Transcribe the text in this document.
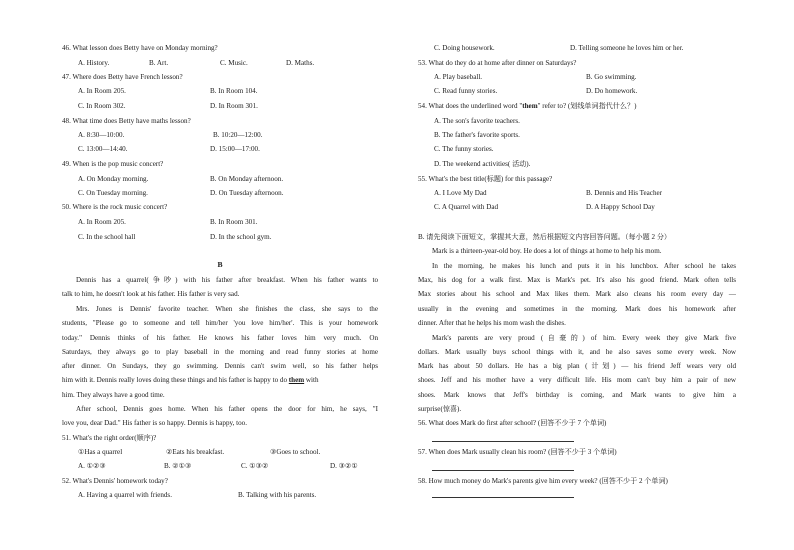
46. What lesson does Betty have on Monday morning?
A. History.	B. Art.	C. Music.	D. Maths.
47. Where does Betty have French lesson?
A. In Room 205.	B. In Room 104.
C. In Room 302.	D. In Room 301.
48. What time does Betty have maths lesson?
A. 8:30—10:00.	B. 10:20—12:00.
C. 13:00—14:40.	D. 15:00—17:00.
49. When is the pop music concert?
A. On Monday morning.	B. On Monday afternoon.
C. On Tuesday morning.	D. On Tuesday afternoon.
50. Where is the rock music concert?
A. In Room 205.	B. In Room 301.
C. In the school hall	D. In the school gym.
B
Dennis has a quarrel(争吵) with his father after breakfast. When his father wants to
talk to him, he doesn't look at his father. His father is very sad.
Mrs. Jones is Dennis' favorite teacher. When she finishes the class, she says to the
students, "Please go to someone and tell him/her 'you love him/her'. This is your homework
today." Dennis thinks of his father. He knows his father loves him very much. On
Saturdays, they always go to play baseball in the morning and read funny stories at home
after dinner. On Sundays, they go swimming. Dennis can't swim well, so his father helps
him with it. Dennis really loves doing these things and his father is happy to do them with
him. They always have a good time.
After school, Dennis goes home. When his father opens the door for him, he says, "I
love you, dear Dad." His father is so happy. Dennis is happy, too.
51. What's the right order(顺序)?
①Has a quarrel	②Eats his breakfast.	③Goes to school.
A. ①②③	B. ②①③	C. ①③②	D. ③②①
52. What's Dennis' homework today?
A. Having a quarrel with friends.	B. Talking with his parents.
C. Doing housework.	D. Telling someone he loves him or her.
53. What do they do at home after dinner on Saturdays?
A. Play baseball.	B. Go swimming.
C. Read funny stories.	D. Do homework.
54. What does the underlined word "them" refer to? (划线单词指代什么？)
A. The son's favorite teachers.
B. The father's favorite sports.
C. The funny stories.
D. The weekend activities( 活动).
55. What's the best title(标题) for this passage?
A. I Love My Dad	B. Dennis and His Teacher
C. A Quarrel with Dad	D. A Happy School Day
B. 请先阅读下面短文，掌握其大意，然后根据短文内容回答问题。（每小题 2 分）
Mark is a thirteen-year-old boy. He does a lot of things at home to help his mom.
In the morning, he makes his lunch and puts it in his lunchbox. After school he takes
Max, his dog for a walk first. Max is Mark's pet. It's also his good friend. Mark often tells
Max stories about his school and Max likes them. Mark also cleans his room every day —
usually in the evening and sometimes in the morning. Mark does his homework after
dinner. After that he helps his mom wash the dishes.
Mark's parents are very proud (自豪的) of him. Every week they give Mark five
dollars. Mark usually buys school things with it, and he also saves some every week. Now
Mark has about 50 dollars. He has a big plan (计划) — his friend Jeff wears very old
shoes. Jeff and his mother have a very difficult life. His mom can't buy him a pair of new
shoes. Mark knows that Jeff's birthday is coming, and Mark wants to give him a
surprise(惊喜).
56. What does Mark do first after school? (回答不少于 7 个单词)
57. When does Mark usually clean his room? (回答不少于 3 个单词)
58. How much money do Mark's parents give him every week? (回答不少于 2 个单词)
